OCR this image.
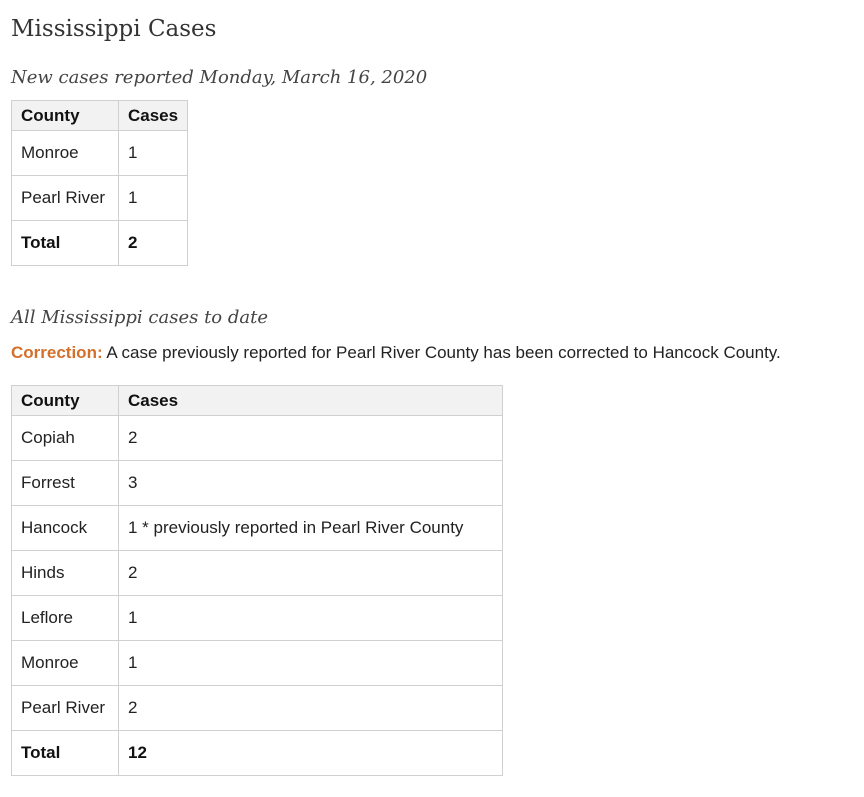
Mississippi Cases

New cases reported Monday, March 16, 2020

County	Cases
Monroe	1
Pearl River	1
Total	2

All Mississippi cases to date

Correction: A case previously reported for Pearl River County has been corrected to Hancock County.

County	Cases
Copiah	2
Forrest	3
Hancock	1 * previously reported in Pearl River County
Hinds	2
Leflore	1
Monroe	1
Pearl River	2
Total	12
